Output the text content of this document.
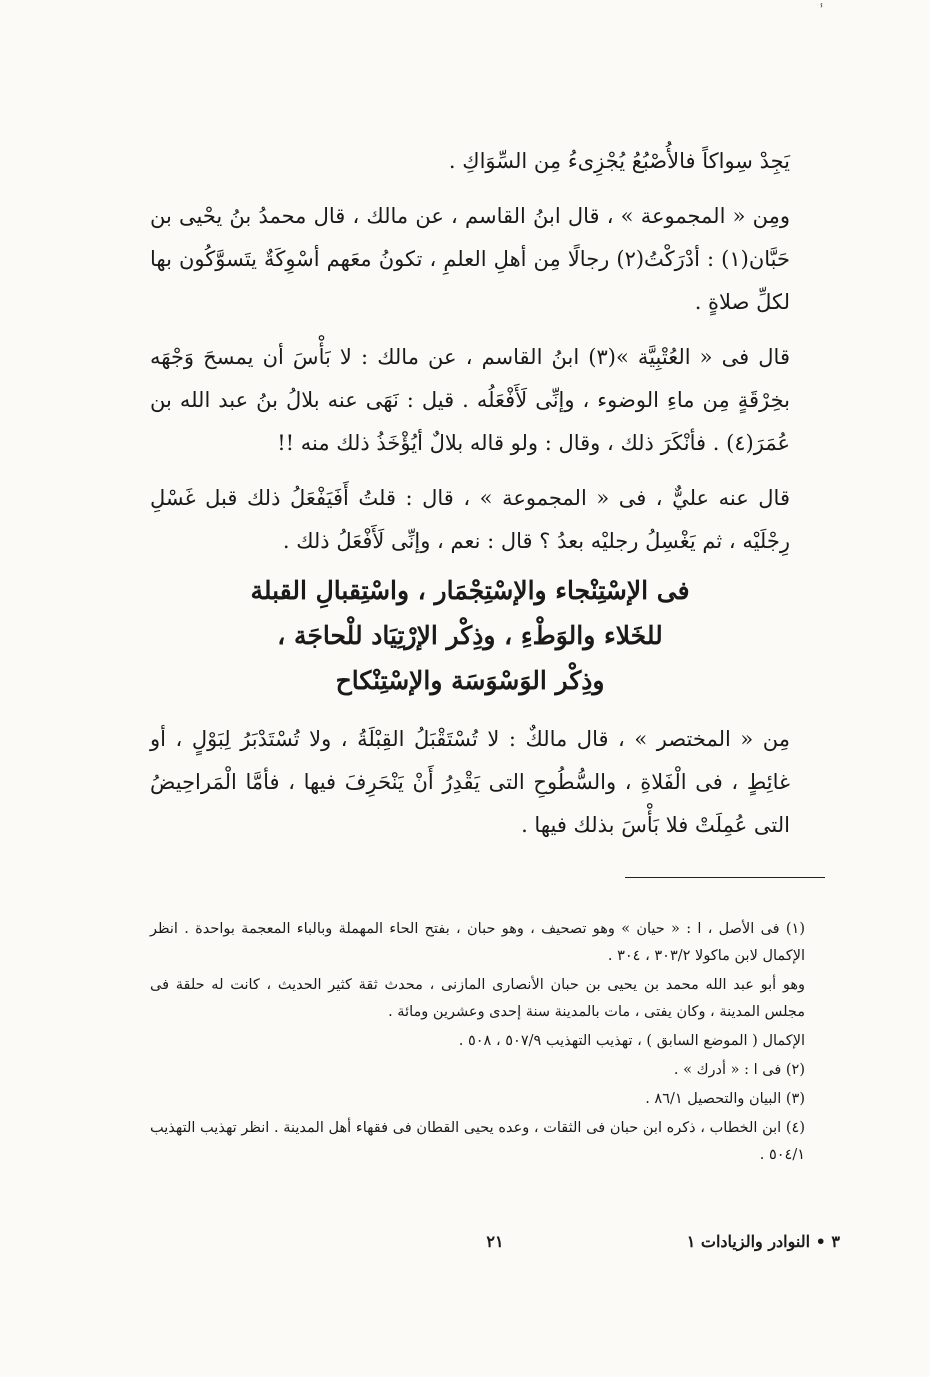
ⸯ

يَجِدْ سِواكاً فالأُصْبُعُ يُجْزِىءُ مِن السِّوَاكِ .

ومِن « المجموعة » ، قال ابنُ القاسم ، عن مالك ، قال محمدُ بنُ يحْيى بن حَبَّان(١) : أدْرَكْتُ(٢) رجالًا مِن أهلِ العلمِ ، تكونُ معَهم أسْوِكَةٌ يتَسوَّكُون بها لكلِّ صلاةٍ .

قال فى « العُتْبِيَّة »(٣) ابنُ القاسم ، عن مالك : لا بَأْسَ أن يمسحَ وَجْهَه بخِرْقَةٍ مِن ماءِ الوضوء ، وإنِّى لَأَفْعَلُه . قيل : نَهَى عنه بلالُ بنُ عبد الله بن عُمَرَ(٤) . فأنْكَرَ ذلك ، وقال : ولو قاله بلالٌ أيُؤْخَذُ ذلك منه !!

قال عنه عليٌّ ، فى « المجموعة » ، قال : قلتُ أَفَيَفْعَلُ ذلك قبل غَسْلِ رِجْلَيْه ، ثم يَغْسِلُ رجليْه بعدُ ؟ قال : نعم ، وإنِّى لَأَفْعَلُ ذلك .

فى الإسْتِنْجاء والإسْتِجْمَار ، واسْتِقبالِ القبلة
للخَلاء والوَطْءِ ، وذِكْر الإرْتِيَاد للْحاجَة ،
وذِكْر الوَسْوَسَة والإسْتِنْكاح

مِن « المختصر » ، قال مالكٌ : لا تُسْتَقْبَلُ القِبْلَةُ ، ولا تُسْتَدْبَرُ لِبَوْلٍ ، أو غائِطٍ ، فى الْفَلاةِ ، والسُّطُوحِ التى يَقْدِرُ أَنْ يَنْحَرِفَ فيها ، فأمَّا الْمَراحِيضُ التى عُمِلَتْ فلا بَأْسَ بذلك فيها .

(١) فى الأصل ، ا : « حيان » وهو تصحيف ، وهو حبان ، بفتح الحاء المهملة وبالباء المعجمة بواحدة . انظر الإكمال لابن ماكولا ٣٠٣/٢ ، ٣٠٤ .

وهو أبو عبد الله محمد بن يحيى بن حبان الأنصارى المازنى ، محدث ثقة كثير الحديث ، كانت له حلقة فى مجلس المدينة ، وكان يفتى ، مات بالمدينة سنة إحدى وعشرين ومائة .

الإكمال ( الموضع السابق ) ، تهذيب التهذيب ٥٠٧/٩ ، ٥٠٨ .

(٢) فى ا : « أدرك » .

(٣) البيان والتحصيل ٨٦/١ .

(٤) ابن الخطاب ، ذكره ابن حبان فى الثقات ، وعده يحيى القطان فى فقهاء أهل المدينة . انظر تهذيب التهذيب ٥٠٤/١ .

٣ • النوادر والزيادات ١
٢١
